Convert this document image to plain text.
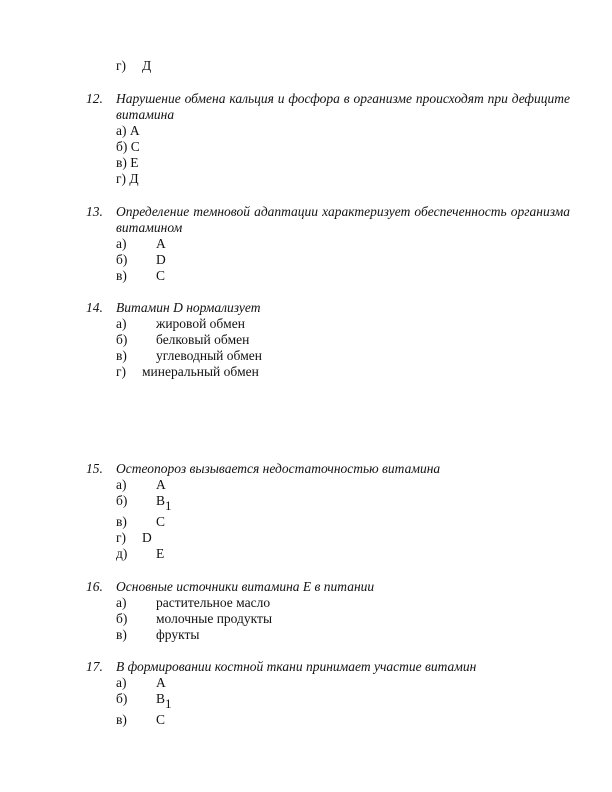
г) Д
12. Нарушение обмена кальция и фосфора в организме происходят при дефиците витамина
а) А
б) С
в) Е
г) Д
13. Определение темновой адаптации характеризует обеспеченность организма витамином
а) А
б) D
в) С
14. Витамин D нормализует
а) жировой обмен
б) белковый обмен
в) углеводный обмен
г) минеральный обмен
15. Остеопороз вызывается недостаточностью витамина
а) А
б) В1
в) С
г) D
д) Е
16. Основные источники витамина Е в питании
а) растительное масло
б) молочные продукты
в) фрукты
17. В формировании костной ткани принимает участие витамин
а) А
б) В1
в) С
